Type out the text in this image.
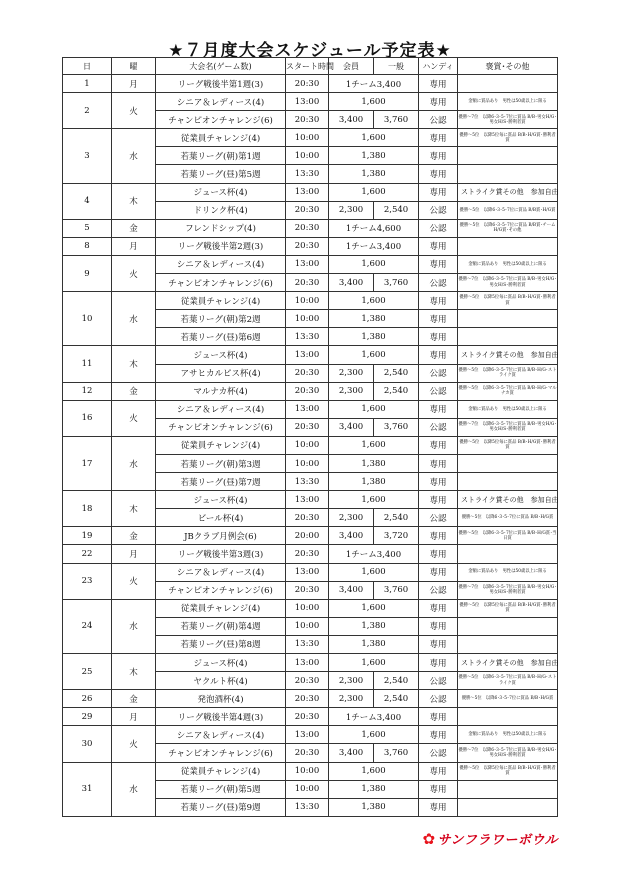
★７月度大会スケジュール予定表★
日	曜	大会名(ゲーム数)	スタート時間	会員	一般	ハンディ	褒賞･その他
1	月	リーグ戦後半第1週(3)	20:30	1チーム3,400		専用	
2	火	シニア＆レディース(4)	13:00	1,600		専用	金額に賞品あり　男性は50歳以上に限る
		チャンピオンチャレンジ(6)	20:30	3,400	3,760	公認	優勝～7位　以降6･3･5･7位に賞品 B/B･男女H/G･男女H/S･勝利者賞
3	水	従業員チャレンジ(4)	10:00	1,600		専用	優勝～5位　以降5位毎に賞品 B/B･H/G賞･勝利者賞
		若葉リーグ(朝)第1週	10:00	1,380		専用	
		若葉リーグ(昼)第5週	13:30	1,380		専用	
4	木	ジュース杯(4)	13:00	1,600		専用	ストライク賞その他　参加自由
		ドリンク杯(4)	20:30	2,300	2,540	公認	優勝～5位　以降6･3･5･7位に賞品 B/B賞･H/G賞
5	金	フレンドシップ(4)	20:30	1チーム4,600		公認	優勝～5位　以降6･3･5･7位に賞品 B/B賞･チーム H/G賞･その他
8	月	リーグ戦後半第2週(3)	20:30	1チーム3,400		専用	
9	火	シニア＆レディース(4)	13:00	1,600		専用	金額に賞品あり　男性は50歳以上に限る
		チャンピオンチャレンジ(6)	20:30	3,400	3,760	公認	優勝～7位　以降6･3･5･7位に賞品 B/B･男女H/G･男女H/S･勝利者賞
10	水	従業員チャレンジ(4)	10:00	1,600		専用	優勝～5位　以降5位毎に賞品 B/B･H/G賞･勝利者賞
		若葉リーグ(朝)第2週	10:00	1,380		専用	
		若葉リーグ(昼)第6週	13:30	1,380		専用	
11	木	ジュース杯(4)	13:00	1,600		専用	ストライク賞その他　参加自由
		アサヒカルピス杯(4)	20:30	2,300	2,540	公認	優勝～5位　以降6･3･5･7位に賞品 B/B･H/G･ストライク賞
12	金	マルナカ杯(4)	20:30	2,300	2,540	公認	優勝～5位　以降6･3･5･7位に賞品 B/B･H/G･マルナカ賞
16	火	シニア＆レディース(4)	13:00	1,600		専用	金額に賞品あり　男性は50歳以上に限る
		チャンピオンチャレンジ(6)	20:30	3,400	3,760	公認	優勝～7位　以降6･3･5･7位に賞品 B/B･男女H/G･男女H/S･勝利者賞
17	水	従業員チャレンジ(4)	10:00	1,600		専用	優勝～5位　以降5位毎に賞品 B/B･H/G賞･勝利者賞
		若葉リーグ(朝)第3週	10:00	1,380		専用	
		若葉リーグ(昼)第7週	13:30	1,380		専用	
18	木	ジュース杯(4)	13:00	1,600		専用	ストライク賞その他　参加自由
		ビール杯(4)	20:30	2,300	2,540	公認	優勝～5位　以降6･3･5･7位に賞品 B/B･H/G賞
19	金	JBクラブ月例会(6)	20:00	3,400	3,720	専用	優勝～5位　以降6･3･5･7位に賞品 B/B･H/G賞･当日賞
22	月	リーグ戦後半第3週(3)	20:30	1チーム3,400		専用	
23	火	シニア＆レディース(4)	13:00	1,600		専用	金額に賞品あり　男性は50歳以上に限る
		チャンピオンチャレンジ(6)	20:30	3,400	3,760	公認	優勝～7位　以降6･3･5･7位に賞品 B/B･男女H/G･男女H/S･勝利者賞
24	水	従業員チャレンジ(4)	10:00	1,600		専用	優勝～5位　以降5位毎に賞品 B/B･H/G賞･勝利者賞
		若葉リーグ(朝)第4週	10:00	1,380		専用	
		若葉リーグ(昼)第8週	13:30	1,380		専用	
25	木	ジュース杯(4)	13:00	1,600		専用	ストライク賞その他　参加自由
		ヤクルト杯(4)	20:30	2,300	2,540	公認	優勝～5位　以降6･3･5･7位に賞品 B/B･H/G･ストライク賞
26	金	発泡酒杯(4)	20:30	2,300	2,540	公認	優勝～5位　以降6･3･5･7位に賞品 B/B･H/G賞
29	月	リーグ戦後半第4週(3)	20:30	1チーム3,400		専用	
30	火	シニア＆レディース(4)	13:00	1,600		専用	金額に賞品あり　男性は50歳以上に限る
		チャンピオンチャレンジ(6)	20:30	3,400	3,760	公認	優勝～7位　以降6･3･5･7位に賞品 B/B･男女H/G･男女H/S･勝利者賞
31	水	従業員チャレンジ(4)	10:00	1,600		専用	優勝～5位　以降5位毎に賞品 B/B･H/G賞･勝利者賞
		若葉リーグ(朝)第5週	10:00	1,380		専用	
		若葉リーグ(昼)第9週	13:30	1,380		専用	
✿ サンフラワーボウル
